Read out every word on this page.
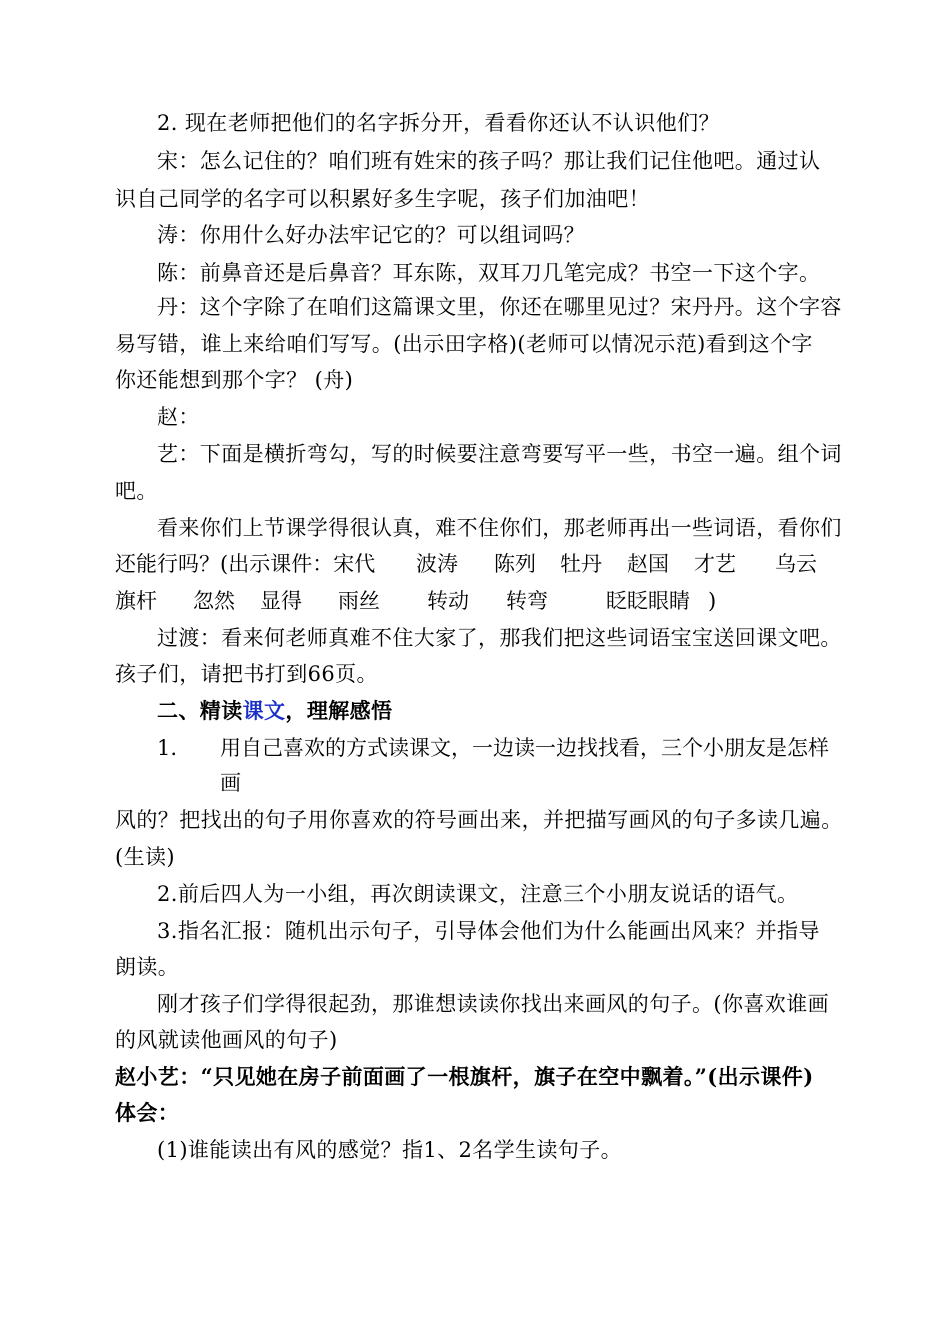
2. 现在老师把他们的名字拆分开，看看你还认不认识他们？
宋：怎么记住的？咱们班有姓宋的孩子吗？那让我们记住他吧。通过认
识自己同学的名字可以积累好多生字呢，孩子们加油吧！
涛：你用什么好办法牢记它的？可以组词吗？
陈：前鼻音还是后鼻音？耳东陈，双耳刀几笔完成？书空一下这个字。
丹：这个字除了在咱们这篇课文里，你还在哪里见过？宋丹丹。这个字容
易写错，谁上来给咱们写写。(出示田字格)(老师可以情况示范)看到这个字
你还能想到那个字？ (舟)
赵：
艺：下面是横折弯勾，写的时候要注意弯要写平一些，书空一遍。组个词
吧。
看来你们上节课学得很认真，难不住你们，那老师再出一些词语，看你们
还能行吗？(出示课件：宋代 波涛 陈列 牡丹 赵国 才艺 乌云
旗杆 忽然 显得 雨丝 转动 转弯	眨眨眼睛 )
过渡：看来何老师真难不住大家了，那我们把这些词语宝宝送回课文吧。
孩子们，请把书打到66页。
二、精读课文，理解感悟
1. 用自己喜欢的方式读课文，一边读一边找找看，三个小朋友是怎样
画
风的？把找出的句子用你喜欢的符号画出来，并把描写画风的句子多读几遍。
(生读)
2.前后四人为一小组，再次朗读课文，注意三个小朋友说话的语气。
3.指名汇报：随机出示句子，引导体会他们为什么能画出风来？并指导
朗读。
刚才孩子们学得很起劲，那谁想读读你找出来画风的句子。(你喜欢谁画
的风就读他画风的句子)
赵小艺：“只见她在房子前面画了一根旗杆，旗子在空中飘着。”(出示课件)
体会：
(1)谁能读出有风的感觉？指1、2名学生读句子。
